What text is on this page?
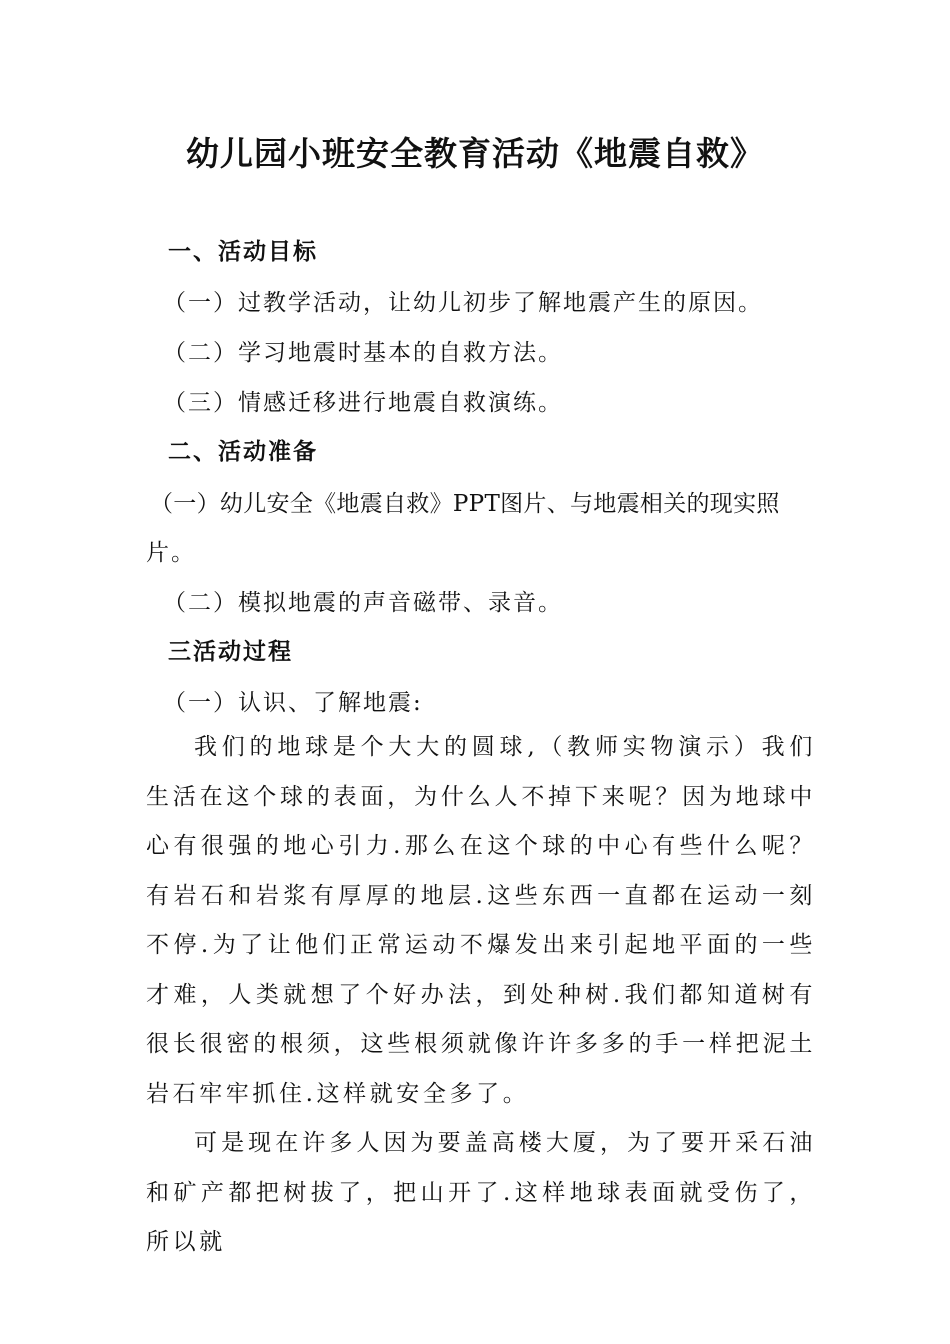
幼儿园小班安全教育活动《地震自救》
一、活动目标
（一）过教学活动，让幼儿初步了解地震产生的原因。
（二）学习地震时基本的自救方法。
（三）情感迁移进行地震自救演练。
二、活动准备
（一）幼儿安全《地震自救》PPT图片、与地震相关的现实照
片。
（二）模拟地震的声音磁带、录音。
三活动过程
（一）认识、了解地震:
我们的地球是个大大的圆球,（教师实物演示）我们生活在这个球的表面，为什么人不掉下来呢？因为地球中心有很强的地心引力.那么在这个球的中心有些什么呢？有岩石和岩浆有厚厚的地层.这些东西一直都在运动一刻不停.为了让他们正常运动不爆发出来引起地平面的一些才难，人类就想了个好办法，到处种树.我们都知道树有很长很密的根须，这些根须就像许许多多的手一样把泥土岩石牢牢抓住.这样就安全多了。
可是现在许多人因为要盖高楼大厦，为了要开采石油和矿产都把树拔了，把山开了.这样地球表面就受伤了，所以就
